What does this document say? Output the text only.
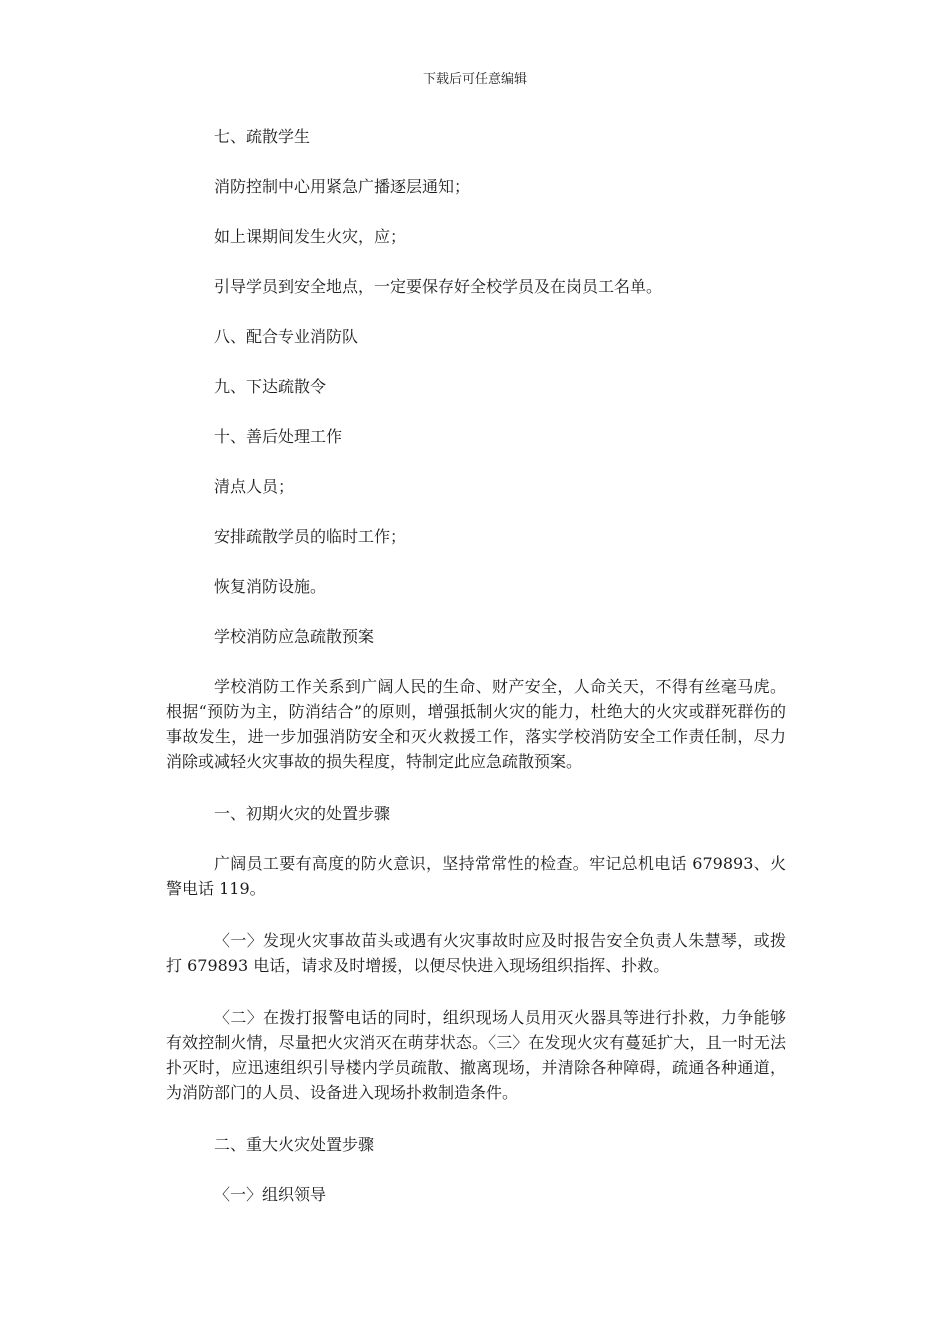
下载后可任意编辑

七、疏散学生

消防控制中心用紧急广播逐层通知；

如上课期间发生火灾，应；

引导学员到安全地点，一定要保存好全校学员及在岗员工名单。

八、配合专业消防队

九、下达疏散令

十、善后处理工作

清点人员；

安排疏散学员的临时工作；

恢复消防设施。

学校消防应急疏散预案

学校消防工作关系到广阔人民的生命、财产安全，人命关天，不得有丝毫马虎。根据“预防为主，防消结合”的原则，增强抵制火灾的能力，杜绝大的火灾或群死群伤的事故发生，进一步加强消防安全和灭火救援工作，落实学校消防安全工作责任制，尽力消除或减轻火灾事故的损失程度，特制定此应急疏散预案。

一、初期火灾的处置步骤

广阔员工要有高度的防火意识，坚持常常性的检查。牢记总机电话 679893、火警电话 119。

〈一〉发现火灾事故苗头或遇有火灾事故时应及时报告安全负责人朱慧琴，或拨打 679893 电话，请求及时增援，以便尽快进入现场组织指挥、扑救。

〈二〉在拨打报警电话的同时，组织现场人员用灭火器具等进行扑救，力争能够有效控制火情，尽量把火灾消灭在萌芽状态。〈三〉在发现火灾有蔓延扩大，且一时无法扑灭时，应迅速组织引导楼内学员疏散、撤离现场，并清除各种障碍，疏通各种通道，为消防部门的人员、设备进入现场扑救制造条件。

二、重大火灾处置步骤

〈一〉组织领导
